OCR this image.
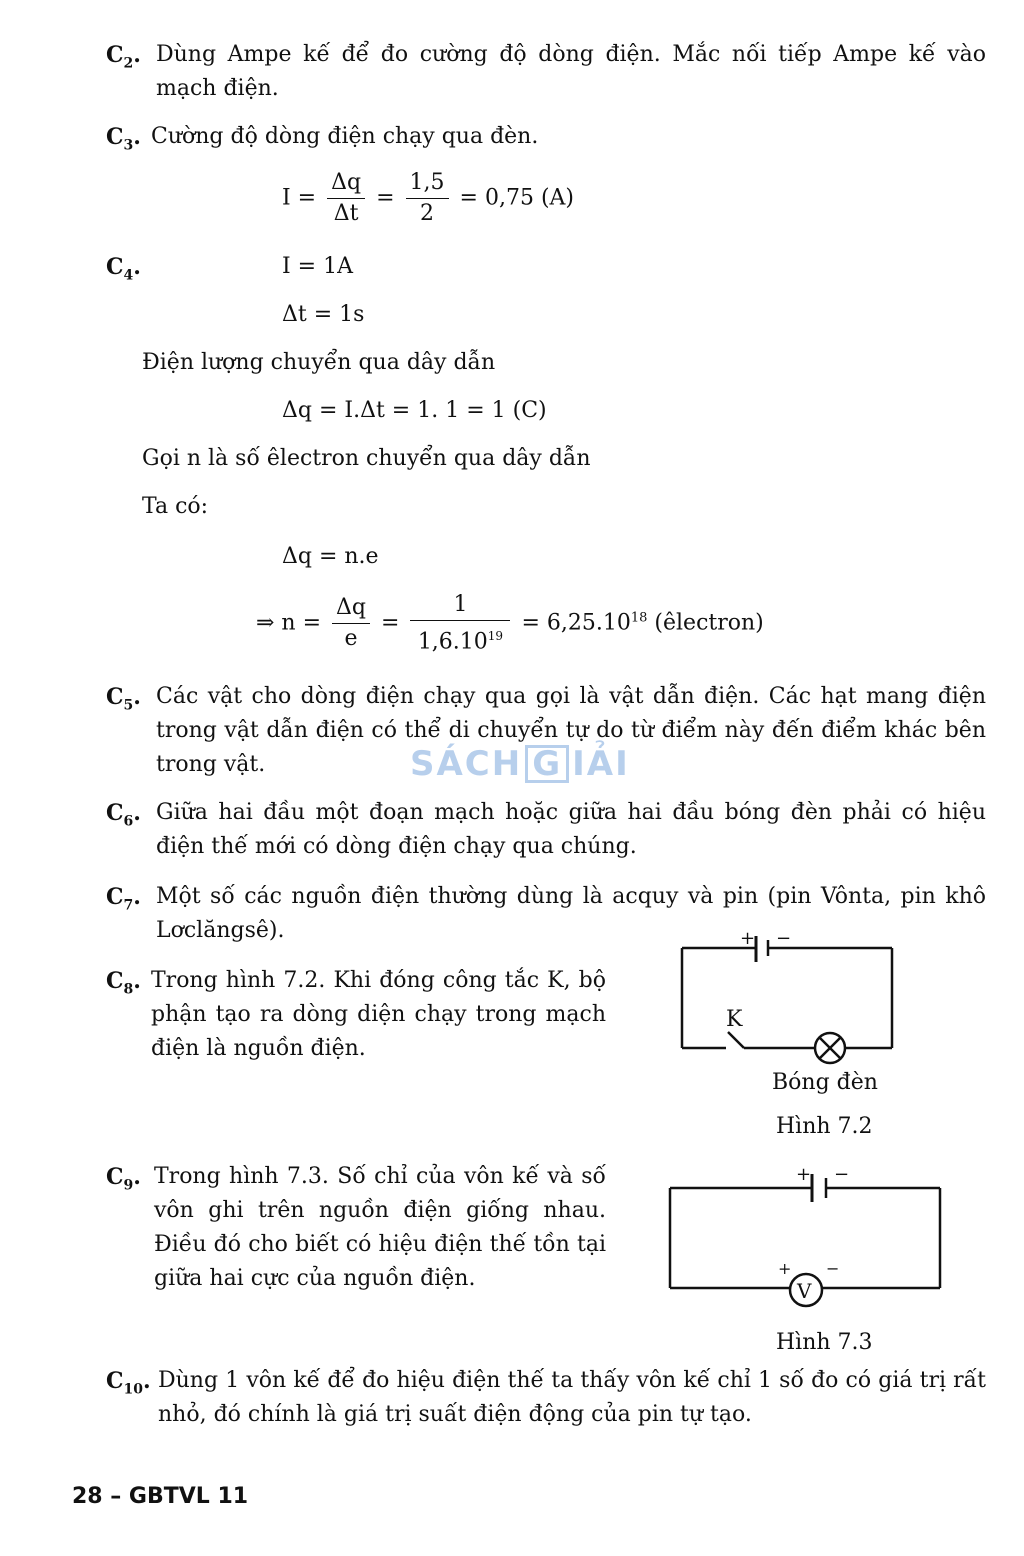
$C_2$. Dùng Ampe kế để đo cường độ dòng điện. Mắc nối tiếp Ampe kế vào mạch điện.
$C_3$. Cường độ dòng điện chạy qua đèn.
$I = \frac{\Delta q}{\Delta t} = \frac{1,5}{2} = 0,75$ (A)
$C_4$.	I = 1A
Δt = 1s
Điện lượng chuyển qua dây dẫn
Δq = I.Δt = 1. 1 = 1 (C)
Gọi n là số êlectron chuyển qua dây dẫn
Ta có:
Δq = n.e
⇒ $n = \frac{\Delta q}{e} = \frac{1}{1,6.10^{19}} = 6,25.10^{18}$ (êlectron)
$C_5$. Các vật cho dòng điện chạy qua gọi là vật dẫn điện. Các hạt mang điện trong vật dẫn điện có thể di chuyển tự do từ điểm này đến điểm khác bên trong vật.	SÁCH G IẢI
$C_6$. Giữa hai đầu một đoạn mạch hoặc giữa hai đầu bóng đèn phải có hiệu điện thế mới có dòng điện chạy qua chúng.
$C_7$. Một số các nguồn điện thường dùng là acquy và pin (pin Vônta, pin khô Lơclăngsê).
$C_8$. Trong hình 7.2. Khi đóng công tắc K, bộ phận tạo ra dòng diện chạy trong mạch điện là nguồn điện.
+ −
K
Bóng đèn
Hình 7.2
$C_9$. Trong hình 7.3. Số chỉ của vôn kế và số vôn ghi trên nguồn điện giống nhau. Điều đó cho biết có hiệu điện thế tồn tại giữa hai cực của nguồn điện.
+ −
+ −
V
Hình 7.3
$C_{10}$. Dùng 1 vôn kế để đo hiệu điện thế ta thấy vôn kế chỉ 1 số đo có giá trị rất nhỏ, đó chính là giá trị suất điện động của pin tự tạo.
28 – GBTVL 11
